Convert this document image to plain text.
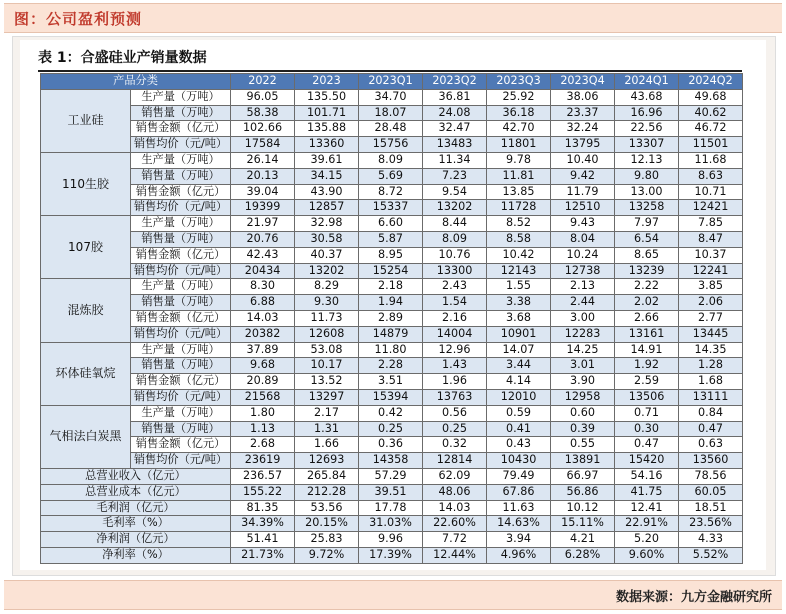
图：公司盈利预测
表 1：合盛硅业产销量数据
产品分类		2022	2023	2023Q1	2023Q2	2023Q3	2023Q4	2024Q1	2024Q2
工业硅	生产量（万吨）	96.05	135.50	34.70	36.81	25.92	38.06	43.68	49.68
	销售量（万吨）	58.38	101.71	18.07	24.08	36.18	23.37	16.96	40.62
	销售金额（亿元）	102.66	135.88	28.48	32.47	42.70	32.24	22.56	46.72
	销售均价（元/吨）	17584	13360	15756	13483	11801	13795	13307	11501
110生胶	生产量（万吨）	26.14	39.61	8.09	11.34	9.78	10.40	12.13	11.68
	销售量（万吨）	20.13	34.15	5.69	7.23	11.81	9.42	9.80	8.63
	销售金额（亿元）	39.04	43.90	8.72	9.54	13.85	11.79	13.00	10.71
	销售均价（元/吨）	19399	12857	15337	13202	11728	12510	13258	12421
107胶	生产量（万吨）	21.97	32.98	6.60	8.44	8.52	9.43	7.97	7.85
	销售量（万吨）	20.76	30.58	5.87	8.09	8.58	8.04	6.54	8.47
	销售金额（亿元）	42.43	40.37	8.95	10.76	10.42	10.24	8.65	10.37
	销售均价（元/吨）	20434	13202	15254	13300	12143	12738	13239	12241
混炼胶	生产量（万吨）	8.30	8.29	2.18	2.43	1.55	2.13	2.22	3.85
	销售量（万吨）	6.88	9.30	1.94	1.54	3.38	2.44	2.02	2.06
	销售金额（亿元）	14.03	11.73	2.89	2.16	3.68	3.00	2.66	2.77
	销售均价（元/吨）	20382	12608	14879	14004	10901	12283	13161	13445
环体硅氧烷	生产量（万吨）	37.89	53.08	11.80	12.96	14.07	14.25	14.91	14.35
	销售量（万吨）	9.68	10.17	2.28	1.43	3.44	3.01	1.92	1.28
	销售金额（亿元）	20.89	13.52	3.51	1.96	4.14	3.90	2.59	1.68
	销售均价（元/吨）	21568	13297	15394	13763	12010	12958	13506	13111
气相法白炭黑	生产量（万吨）	1.80	2.17	0.42	0.56	0.59	0.60	0.71	0.84
	销售量（万吨）	1.13	1.31	0.25	0.25	0.41	0.39	0.30	0.47
	销售金额（亿元）	2.68	1.66	0.36	0.32	0.43	0.55	0.47	0.63
	销售均价（元/吨）	23619	12693	14358	12814	10430	13891	15420	13560
总营业收入（亿元）		236.57	265.84	57.29	62.09	79.49	66.97	54.16	78.56
总营业成本（亿元）		155.22	212.28	39.51	48.06	67.86	56.86	41.75	60.05
毛利润（亿元）		81.35	53.56	17.78	14.03	11.63	10.12	12.41	18.51
毛利率（%）		34.39%	20.15%	31.03%	22.60%	14.63%	15.11%	22.91%	23.56%
净利润（亿元）		51.41	25.83	9.96	7.72	3.94	4.21	5.20	4.33
净利率（%）		21.73%	9.72%	17.39%	12.44%	4.96%	6.28%	9.60%	5.52%
数据来源：九方金融研究所
